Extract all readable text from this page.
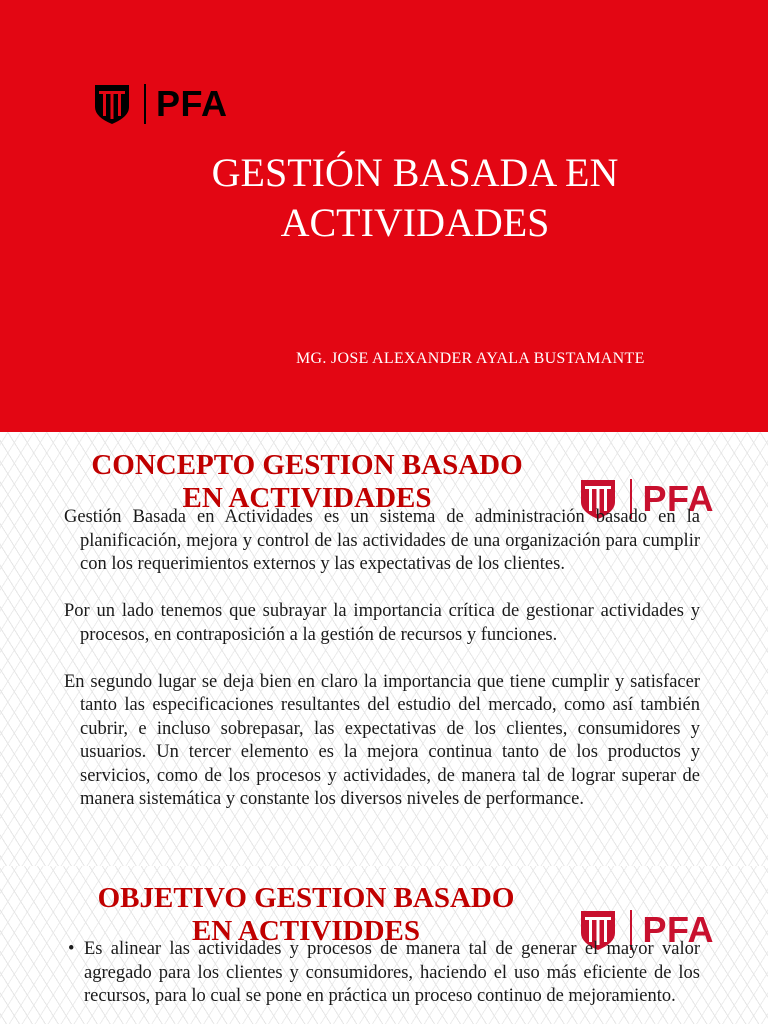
PFA
GESTIÓN BASADA EN
ACTIVIDADES
MG. JOSE ALEXANDER AYALA BUSTAMANTE
CONCEPTO GESTION BASADO
EN ACTIVIDADES	PFA

Gestión Basada en Actividades es un sistema de administración basado en la planificación, mejora y control de las actividades de una organización para cumplir con los requerimientos externos y las expectativas de los clientes.

Por un lado tenemos que subrayar la importancia crítica de gestionar actividades y procesos, en contraposición a la gestión de recursos y funciones.

En segundo lugar se deja bien en claro la importancia que tiene cumplir y satisfacer tanto las especificaciones resultantes del estudio del mercado, como así también cubrir, e incluso sobrepasar, las expectativas de los clientes, consumidores y usuarios. Un tercer elemento es la mejora continua tanto de los productos y servicios, como de los procesos y actividades, de manera tal de lograr superar de manera sistemática y constante los diversos niveles de performance.

OBJETIVO GESTION BASADO
EN ACTIVIDDES	PFA
• Es alinear las actividades y procesos de manera tal de generar el mayor valor agregado para los clientes y consumidores, haciendo el uso más eficiente de los recursos, para lo cual se pone en práctica un proceso continuo de mejoramiento.
